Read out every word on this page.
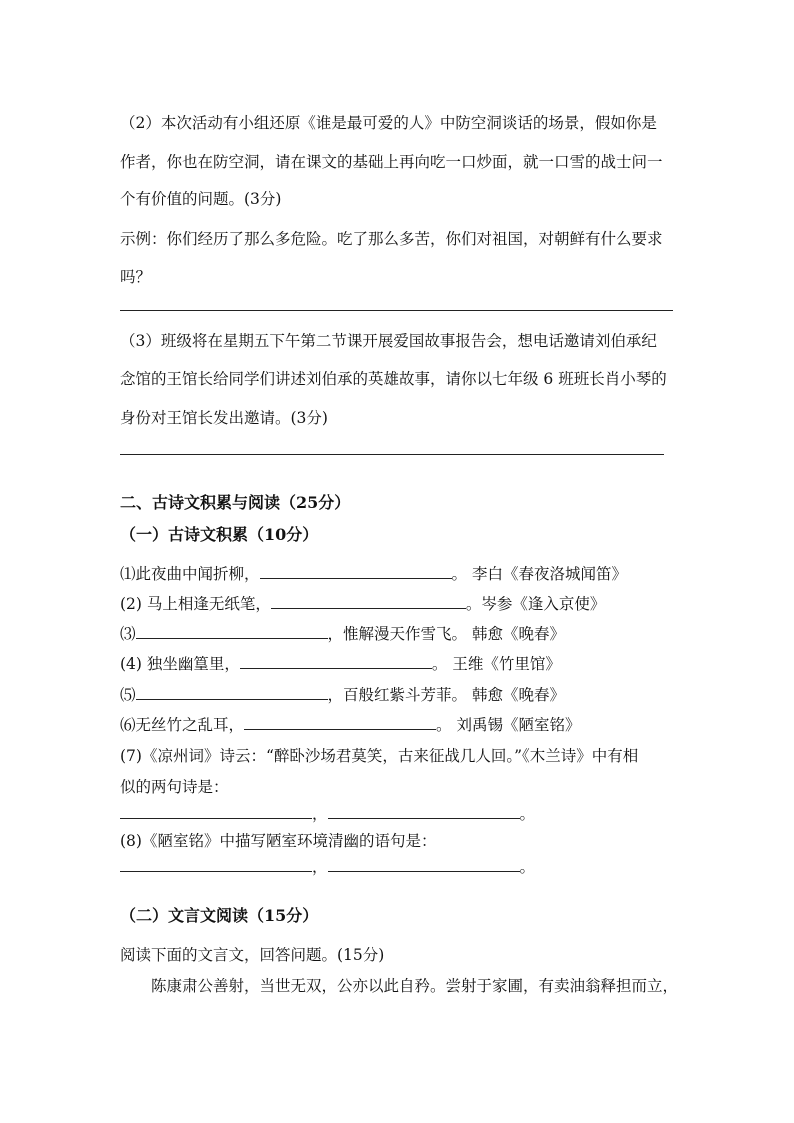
（2）本次活动有小组还原《谁是最可爱的人》中防空洞谈话的场景，假如你是
作者，你也在防空洞，请在课文的基础上再向吃一口炒面，就一口雪的战士问一
个有价值的问题。(3分)
示例：你们经历了那么多危险。吃了那么多苦，你们对祖国，对朝鲜有什么要求
吗？
（3）班级将在星期五下午第二节课开展爱国故事报告会，想电话邀请刘伯承纪
念馆的王馆长给同学们讲述刘伯承的英雄故事，请你以七年级 6 班班长肖小琴的
身份对王馆长发出邀请。(3分)
二、古诗文积累与阅读（25分）
（一）古诗文积累（10分）
⑴此夜曲中闻折柳，	。 李白《春夜洛城闻笛》
(2) 马上相逢无纸笔，	。岑参《逢入京使》
⑶	，惟解漫天作雪飞。 韩愈《晚春》
(4) 独坐幽篁里，	。 王维《竹里馆》
⑸	，百般红紫斗芳菲。 韩愈《晚春》
⑹无丝竹之乱耳，	。 刘禹锡《陋室铭》
(7)《凉州词》诗云：“醉卧沙场君莫笑，古来征战几人回。”《木兰诗》中有相
似的两句诗是：
，	。
(8)《陋室铭》中描写陋室环境清幽的语句是：
，	。
（二）文言文阅读（15分）
阅读下面的文言文，回答问题。(15分)
陈康肃公善射，当世无双，公亦以此自矜。尝射于家圃，有卖油翁释担而立，
